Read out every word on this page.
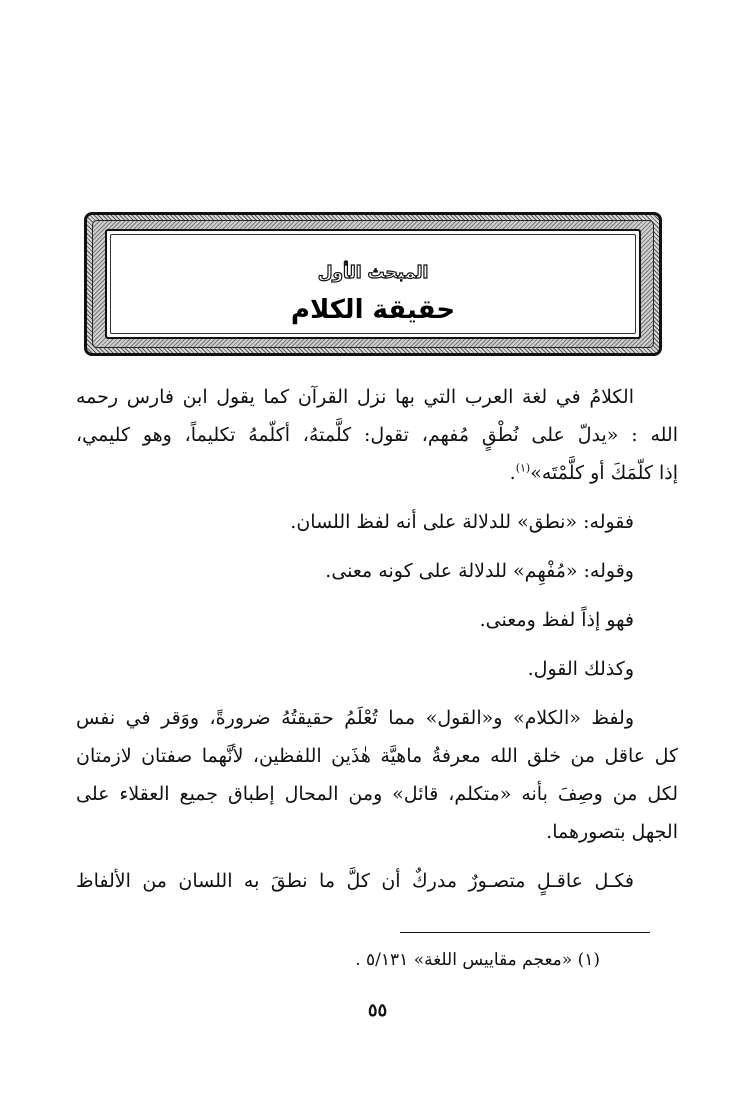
المبحث الأول
حقيقة الكلام

الكلامُ في لغة العرب التي بها نزل القرآن كما يقول ابن فارس رحمه
الله : «يدلّ على نُطْقٍ مُفهم، تقول: كلَّمتهُ، أكلّمهُ تكليماً، وهو كليمي،
إذا كلّمَكَ أو كلَّمْتَه»$^{(١)}$.

فقوله: «نطق» للدلالة على أنه لفظ اللسان.

وقوله: «مُفْهِم» للدلالة على كونه معنى.

فهو إذاً لفظ ومعنى.

وكذلك القول.

ولفظ «الكلام» و«القول» مما تُعْلَمُ حقيقتُهُ ضرورةً، ووَقر في نفس
كل عاقل من خلق الله معرفةُ ماهيَّة هٰذَين اللفظين، لأنَّهما صفتان لازمتان
لكل من وصِفَ بأنه «متكلم، قائل» ومن المحال إطباق جميع العقلاء على
الجهل بتصورهما.

فكـل عاقـلٍ متصـورٌ مدركٌ أن كلَّ ما نطقَ به اللسان من الألفاظ

(١) «معجم مقاييس اللغة» ٥/١٣١ .
٥٥
